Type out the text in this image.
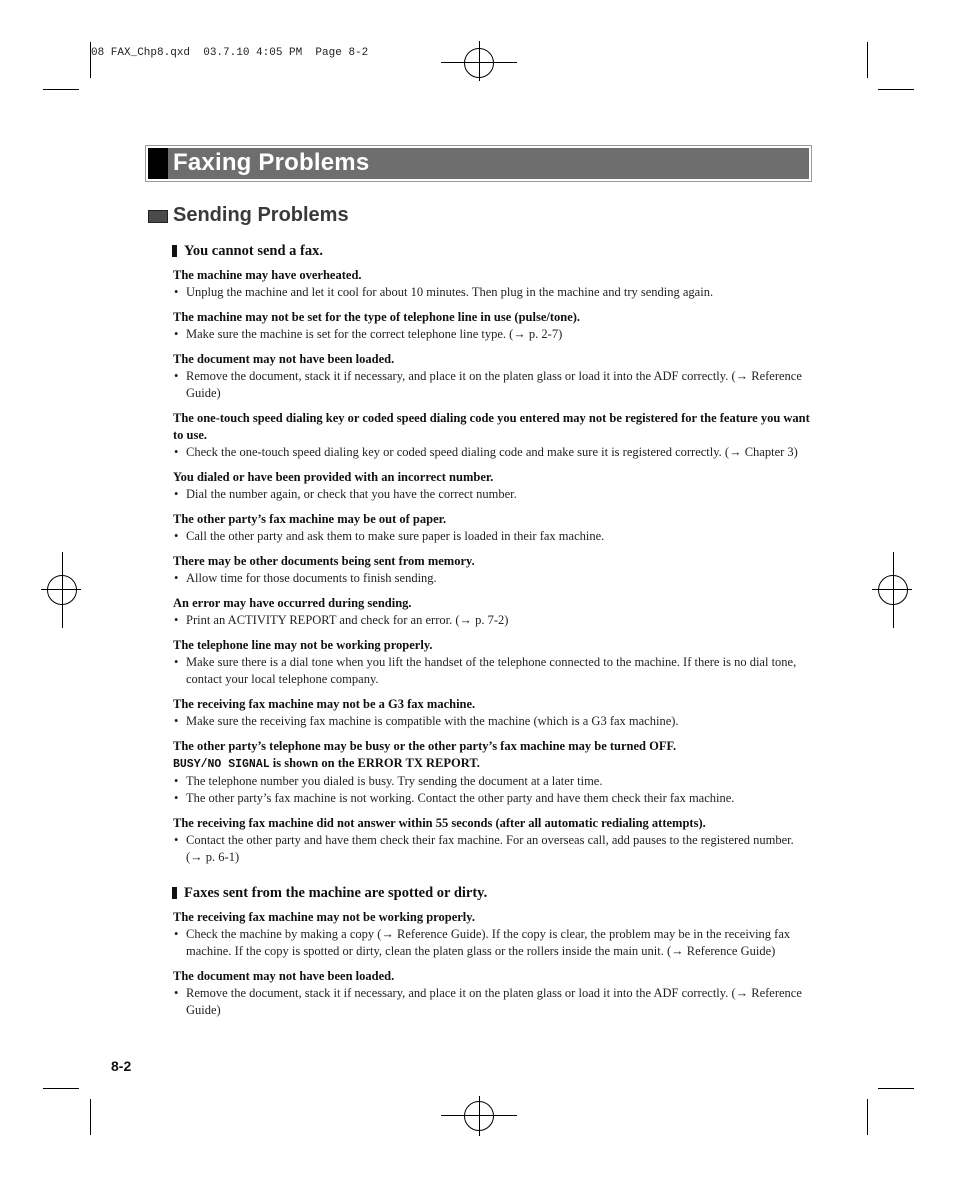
08 FAX_Chp8.qxd  03.7.10 4:05 PM  Page 8-2
Faxing Problems
Sending Problems
You cannot send a fax.
The machine may have overheated.
• Unplug the machine and let it cool for about 10 minutes. Then plug in the machine and try sending again.
The machine may not be set for the type of telephone line in use (pulse/tone).
• Make sure the machine is set for the correct telephone line type. (→ p. 2-7)
The document may not have been loaded.
• Remove the document, stack it if necessary, and place it on the platen glass or load it into the ADF correctly. (→ Reference Guide)
The one-touch speed dialing key or coded speed dialing code you entered may not be registered for the feature you want to use.
• Check the one-touch speed dialing key or coded speed dialing code and make sure it is registered correctly. (→ Chapter 3)
You dialed or have been provided with an incorrect number.
• Dial the number again, or check that you have the correct number.
The other party’s fax machine may be out of paper.
• Call the other party and ask them to make sure paper is loaded in their fax machine.
There may be other documents being sent from memory.
• Allow time for those documents to finish sending.
An error may have occurred during sending.
• Print an ACTIVITY REPORT and check for an error. (→ p. 7-2)
The telephone line may not be working properly.
• Make sure there is a dial tone when you lift the handset of the telephone connected to the machine. If there is no dial tone, contact your local telephone company.
The receiving fax machine may not be a G3 fax machine.
• Make sure the receiving fax machine is compatible with the machine (which is a G3 fax machine).
The other party’s telephone may be busy or the other party’s fax machine may be turned OFF.
BUSY/NO SIGNAL is shown on the ERROR TX REPORT.
• The telephone number you dialed is busy. Try sending the document at a later time.
• The other party’s fax machine is not working. Contact the other party and have them check their fax machine.
The receiving fax machine did not answer within 55 seconds (after all automatic redialing attempts).
• Contact the other party and have them check their fax machine. For an overseas call, add pauses to the registered number. (→ p. 6-1)
Faxes sent from the machine are spotted or dirty.
The receiving fax machine may not be working properly.
• Check the machine by making a copy (→ Reference Guide). If the copy is clear, the problem may be in the receiving fax machine. If the copy is spotted or dirty, clean the platen glass or the rollers inside the main unit. (→ Reference Guide)
The document may not have been loaded.
• Remove the document, stack it if necessary, and place it on the platen glass or load it into the ADF correctly. (→ Reference Guide)
8-2
